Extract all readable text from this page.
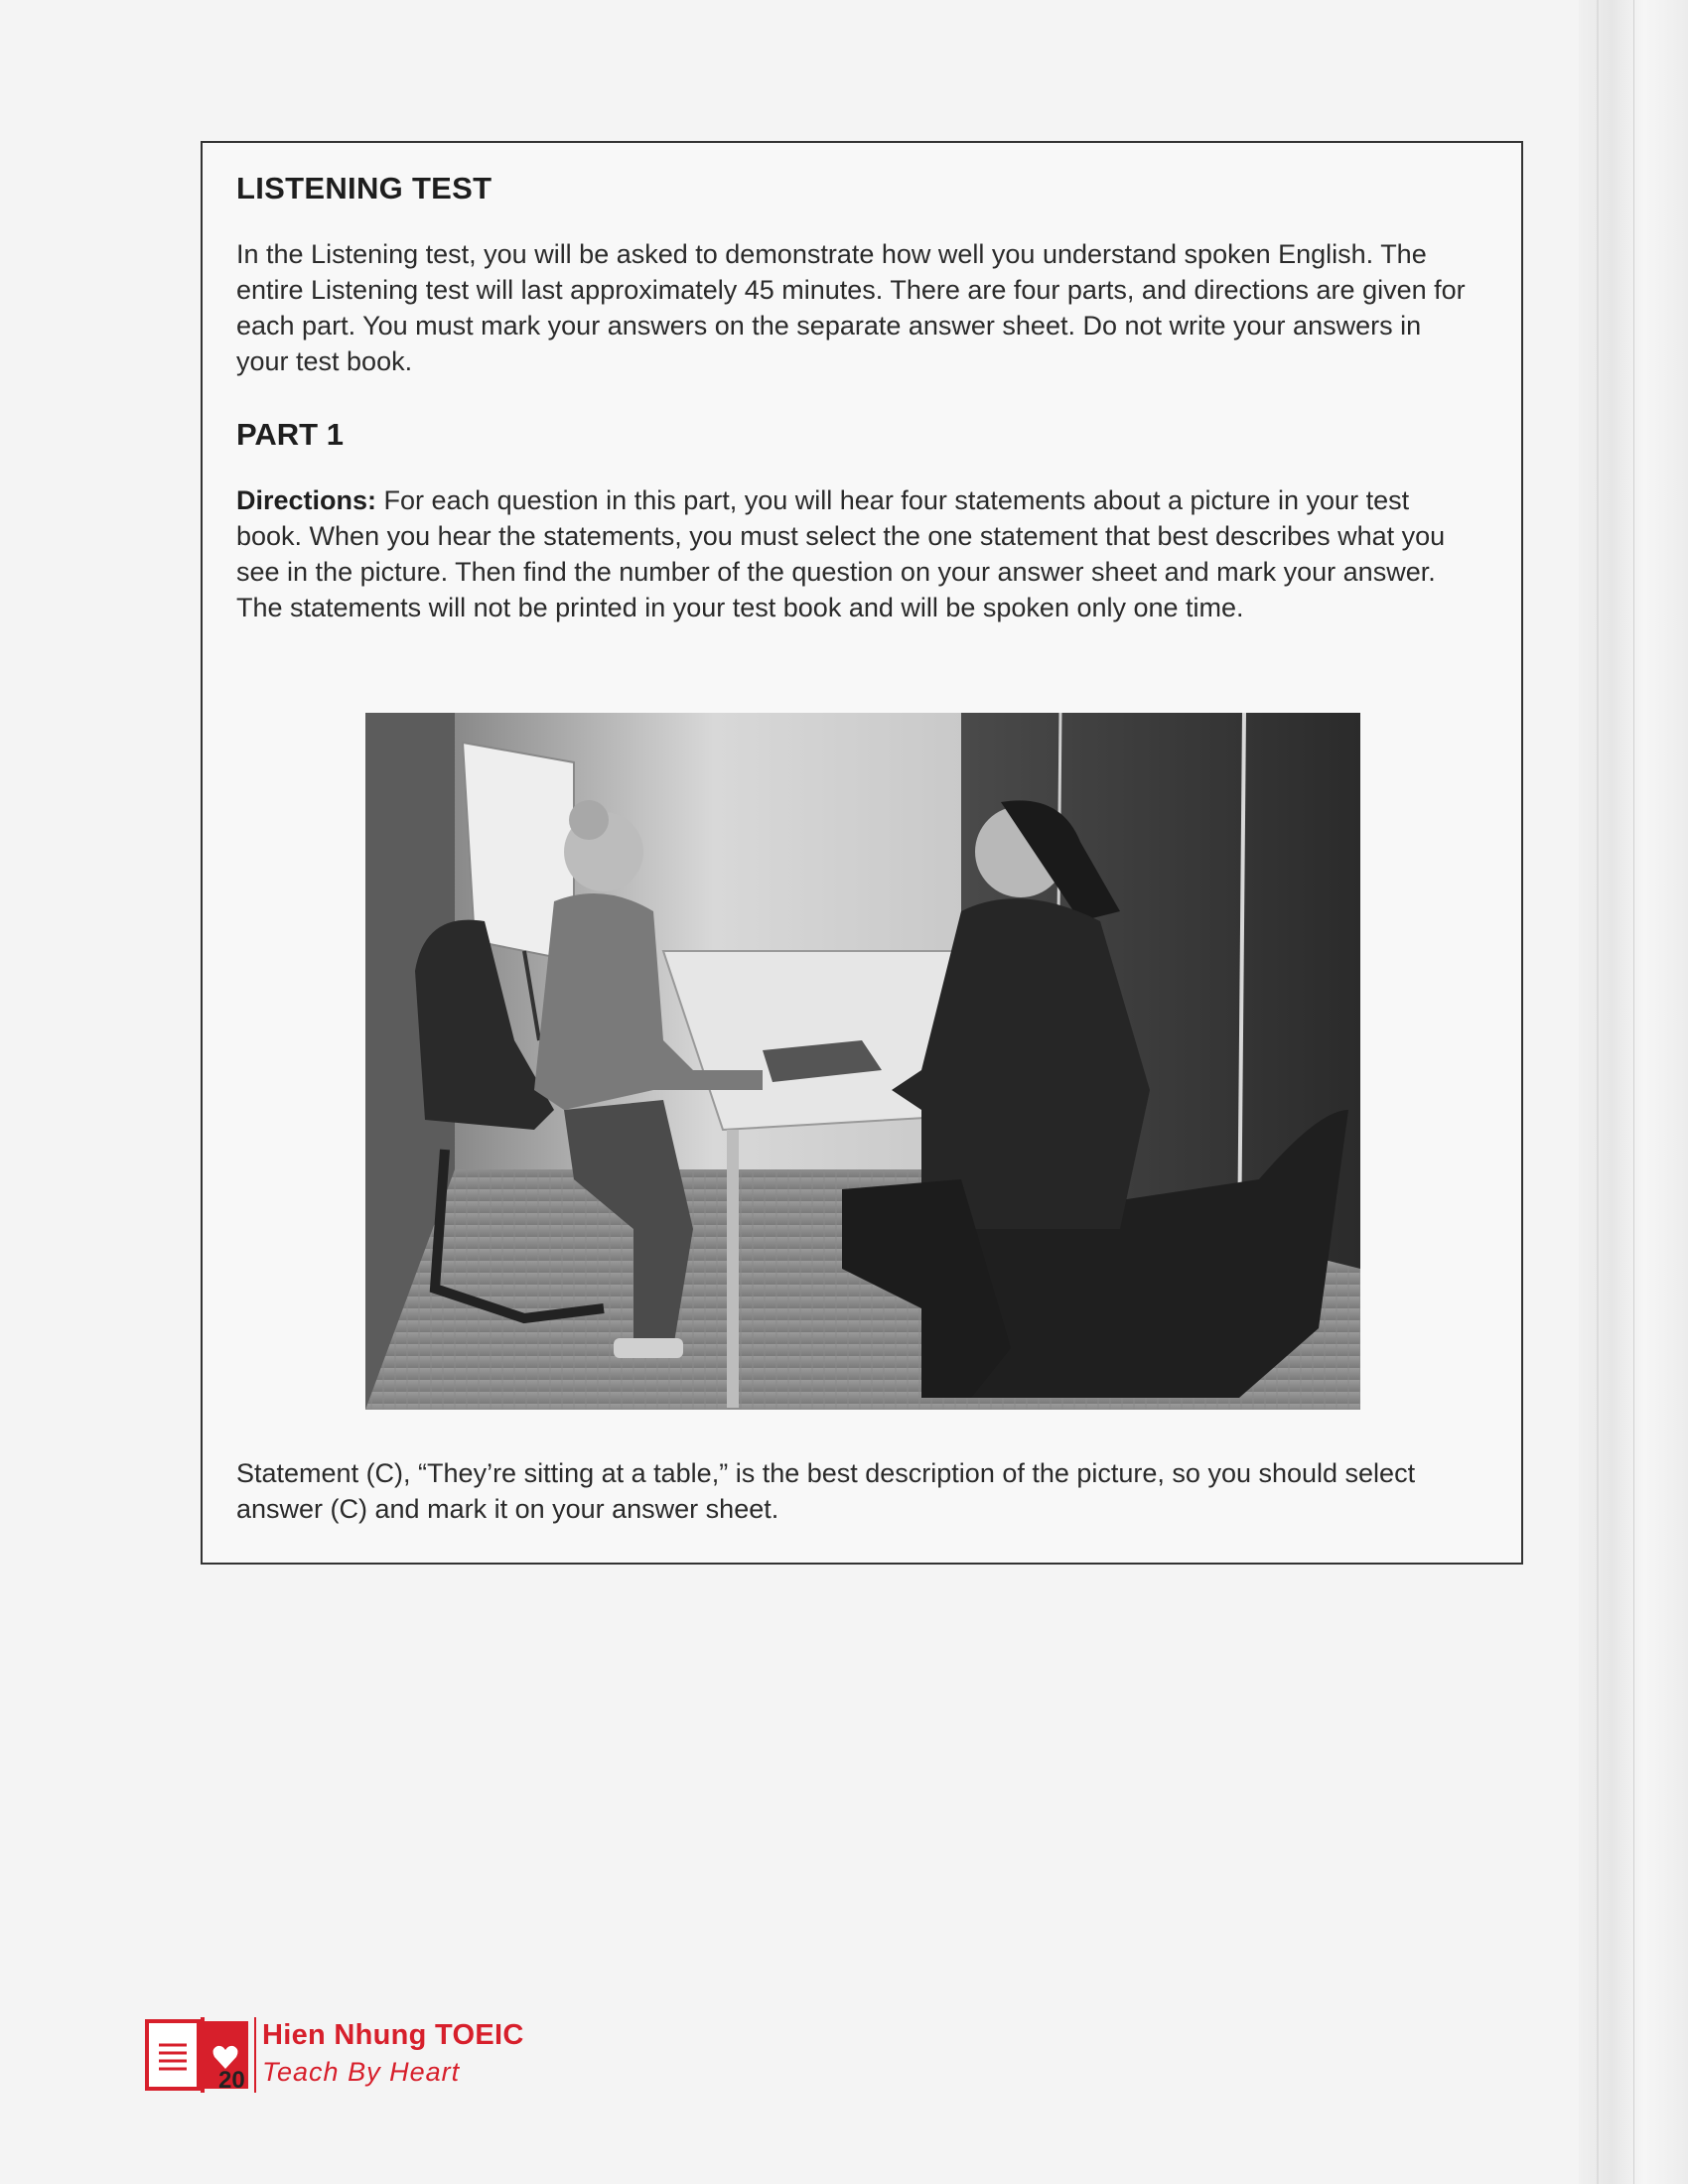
LISTENING TEST

In the Listening test, you will be asked to demonstrate how well you understand spoken English. The entire Listening test will last approximately 45 minutes. There are four parts, and directions are given for each part. You must mark your answers on the separate answer sheet. Do not write your answers in your test book.

PART 1

Directions: For each question in this part, you will hear four statements about a picture in your test book. When you hear the statements, you must select the one statement that best describes what you see in the picture. Then find the number of the question on your answer sheet and mark your answer. The statements will not be printed in your test book and will be spoken only one time.

Statement (C), “They’re sitting at a table,” is the best description of the picture, so you should select answer (C) and mark it on your answer sheet.

Hien Nhung TOEIC

Teach By Heart

20
